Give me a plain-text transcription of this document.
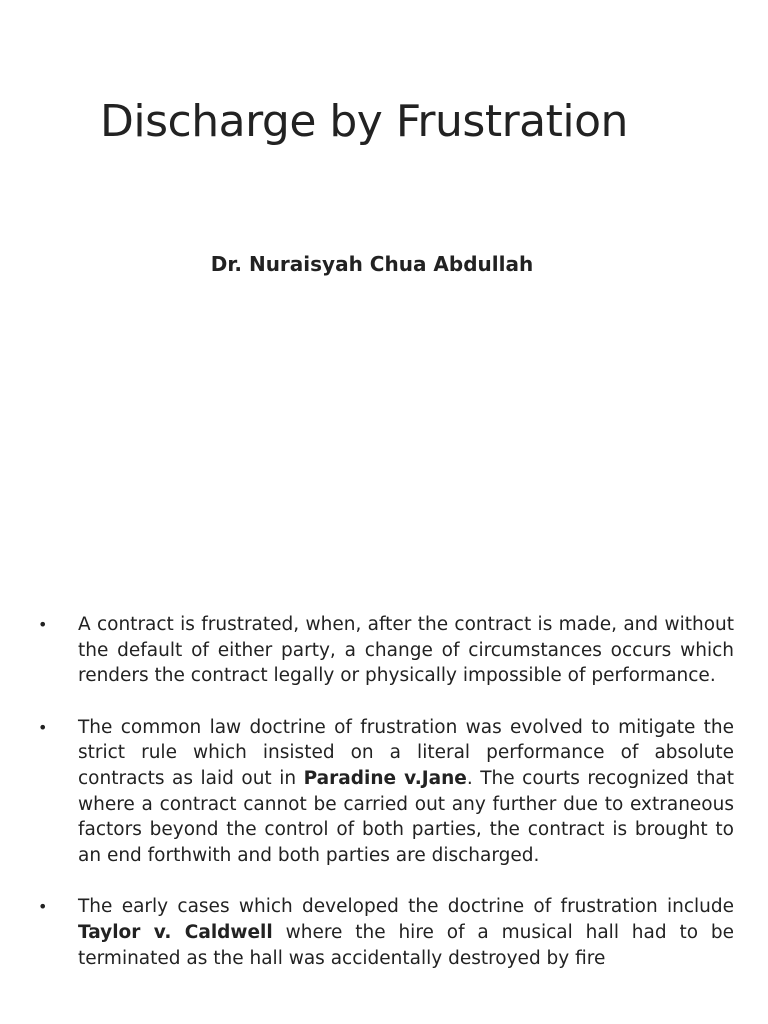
Discharge by Frustration

Dr. Nuraisyah Chua Abdullah

• A contract is frustrated, when, after the contract is made, and without the default of either party, a change of circumstances occurs which renders the contract legally or physically impossible of performance.

• The common law doctrine of frustration was evolved to mitigate the strict rule which insisted on a literal performance of absolute contracts as laid out in Paradine v.Jane. The courts recognized that where a contract cannot be carried out any further due to extraneous factors beyond the control of both parties, the contract is brought to an end forthwith and both parties are discharged.

• The early cases which developed the doctrine of frustration include Taylor v. Caldwell where the hire of a musical hall had to be terminated as the hall was accidentally destroyed by fire
